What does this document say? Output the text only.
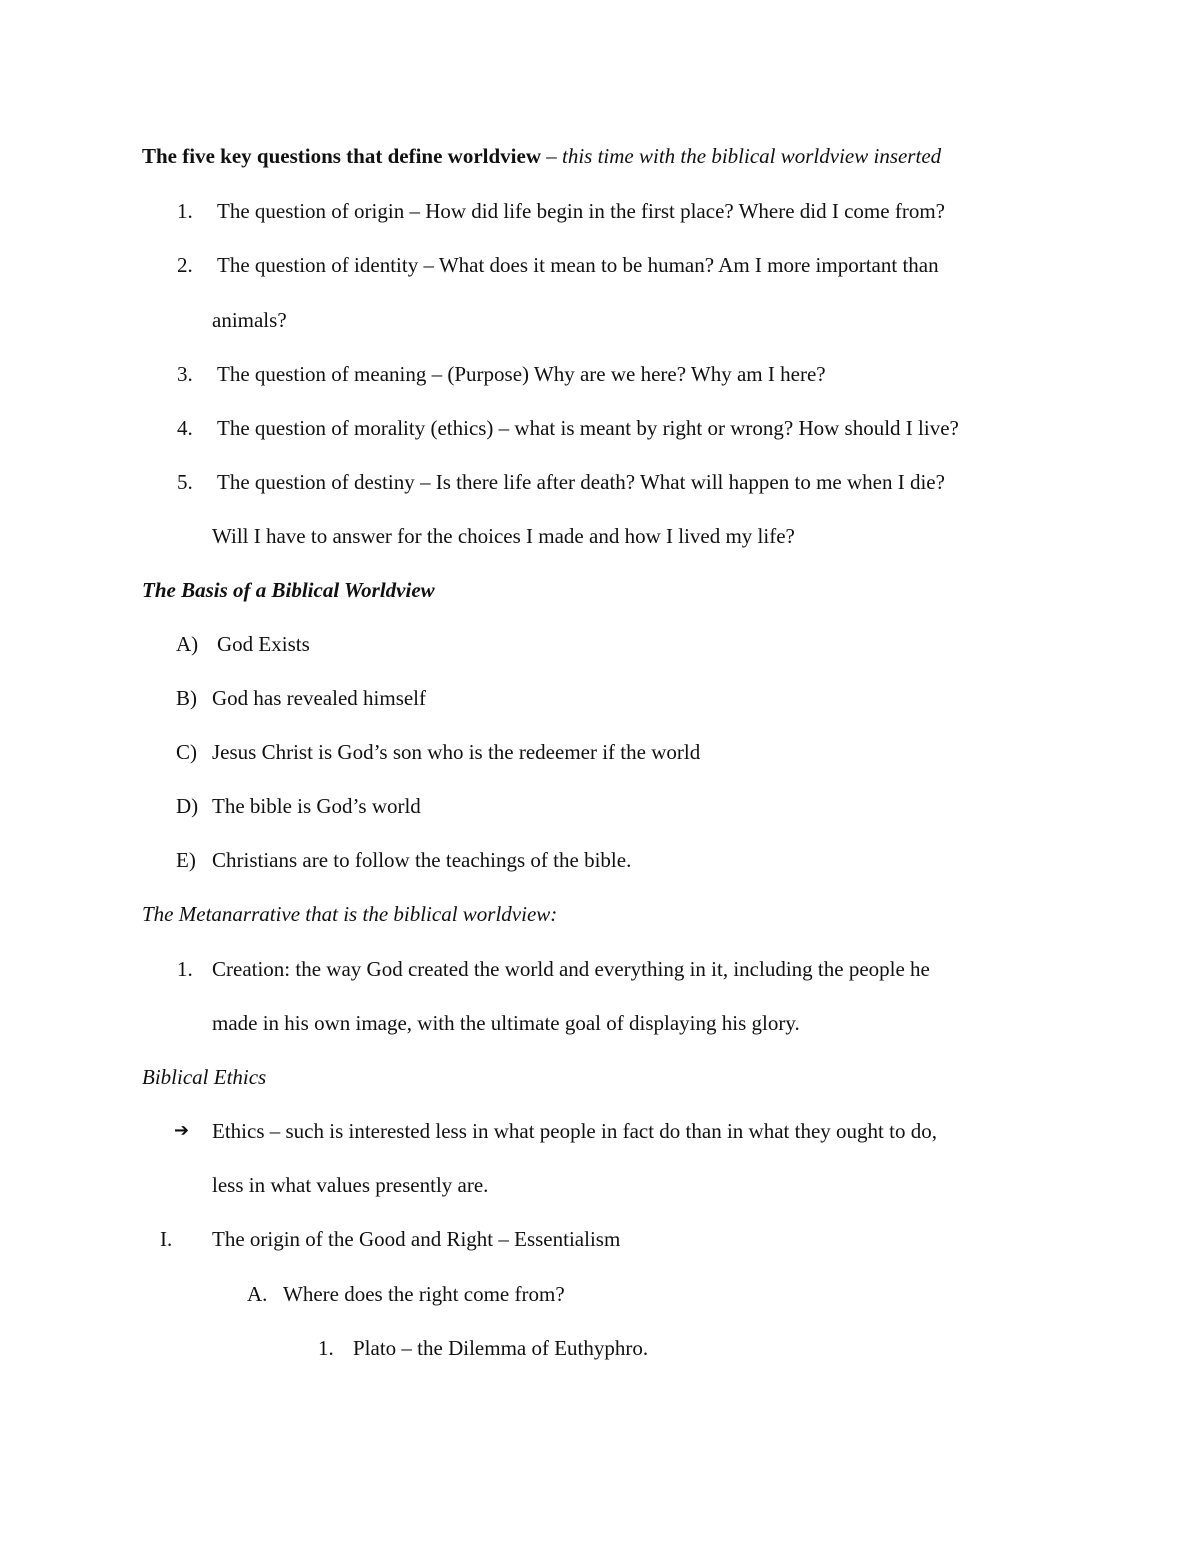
The five key questions that define worldview – this time with the biblical worldview inserted
1. The question of origin – How did life begin in the first place? Where did I come from?
2. The question of identity – What does it mean to be human? Am I more important than
animals?
3. The question of meaning – (Purpose) Why are we here? Why am I here?
4. The question of morality (ethics) – what is meant by right or wrong? How should I live?
5. The question of destiny – Is there life after death? What will happen to me when I die?
Will I have to answer for the choices I made and how I lived my life?
The Basis of a Biblical Worldview
A) God Exists
B) God has revealed himself
C) Jesus Christ is God’s son who is the redeemer if the world
D) The bible is God’s world
E) Christians are to follow the teachings of the bible.
The Metanarrative that is the biblical worldview:
1. Creation: the way God created the world and everything in it, including the people he
made in his own image, with the ultimate goal of displaying his glory.
Biblical Ethics
➔ Ethics – such is interested less in what people in fact do than in what they ought to do,
less in what values presently are.
I. The origin of the Good and Right – Essentialism
A. Where does the right come from?
1. Plato – the Dilemma of Euthyphro.
